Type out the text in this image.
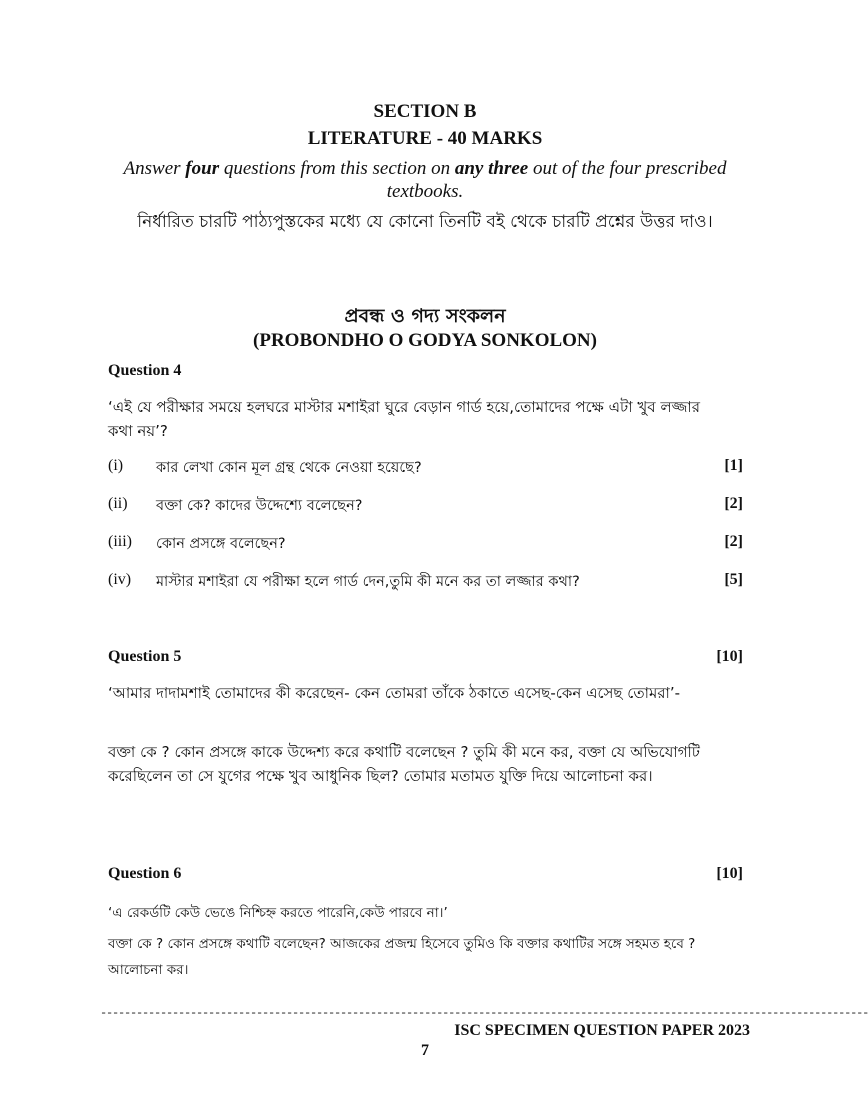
SECTION B
LITERATURE - 40 MARKS
Answer four questions from this section on any three out of the four prescribed textbooks.
নির্ধারিত চারটি পাঠ্যপুস্তকের মধ্যে যে কোনো তিনটি বই থেকে চারটি প্রশ্নের উত্তর দাও।
প্রবন্ধ ও গদ্য সংকলন
(PROBONDHO O GODYA SONKOLON)
Question 4
‘এই যে পরীক্ষার সময়ে হলঘরে মাস্টার মশাইরা ঘুরে বেড়ান গার্ড হয়ে,তোমাদের পক্ষে এটা খুব লজ্জার কথা নয়’?
(i) কার লেখা কোন মূল গ্রন্থ থেকে নেওয়া হয়েছে?	[1]
(ii) বক্তা কে? কাদের উদ্দেশ্যে বলেছেন?	[2]
(iii) কোন প্রসঙ্গে বলেছেন?	[2]
(iv) মাস্টার মশাইরা যে পরীক্ষা হলে গার্ড দেন,তুমি কী মনে কর তা লজ্জার কথা?	[5]
Question 5	[10]
‘আমার দাদামশাই তোমাদের কী করেছেন- কেন তোমরা তাঁকে ঠকাতে এসেছ-কেন এসেছ তোমরা’-
বক্তা কে ? কোন প্রসঙ্গে কাকে উদ্দেশ্য করে কথাটি বলেছেন ? তুমি কী মনে কর, বক্তা যে অভিযোগটি করেছিলেন তা সে যুগের পক্ষে খুব আধুনিক ছিল? তোমার মতামত যুক্তি দিয়ে আলোচনা কর।
Question 6	[10]
‘এ রেকর্ডটি কেউ ভেঙে নিশ্চিহ্ন করতে পারেনি,কেউ পারবে না।’
বক্তা কে ? কোন প্রসঙ্গে কথাটি বলেছেন? আজকের প্রজন্ম হিসেবে তুমিও কি বক্তার কথাটির সঙ্গে সহমত হবে ? আলোচনা কর।
--------------------------------------------------------------------------------------------------------------------------------
ISC SPECIMEN QUESTION PAPER 2023
7
